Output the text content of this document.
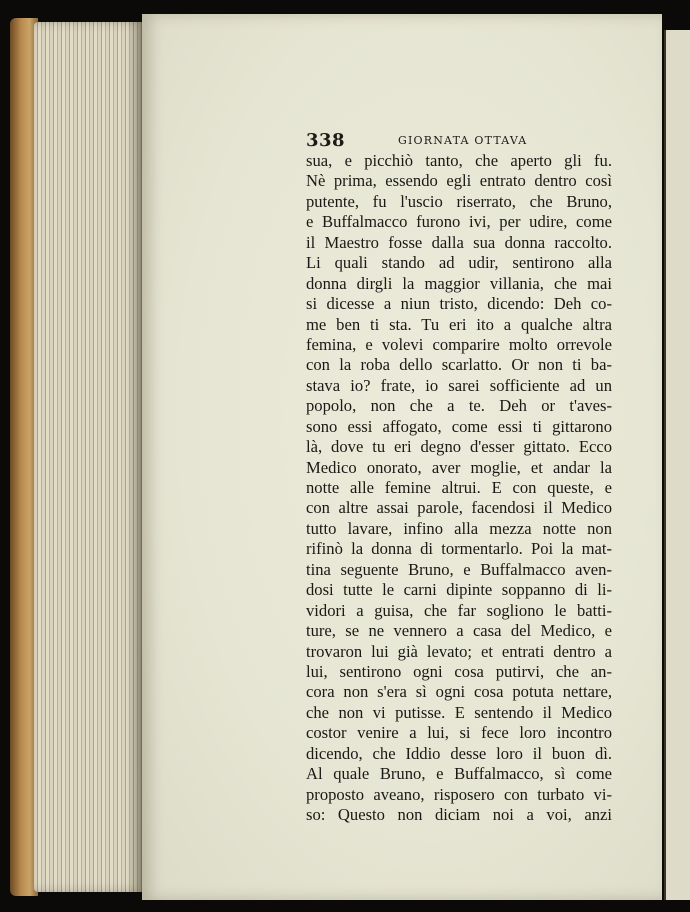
338	GIORNATA OTTAVA
sua, e picchiò tanto, che aperto gli fu.
Nè prima, essendo egli entrato dentro così
putente, fu l'uscio riserrato, che Bruno,
e Buffalmacco furono ivi, per udire, come
il Maestro fosse dalla sua donna raccolto.
Li quali stando ad udir, sentirono alla
donna dirgli la maggior villania, che mai
si dicesse a niun tristo, dicendo: Deh co-
me ben ti sta. Tu eri ito a qualche altra
femina, e volevi comparire molto orrevole
con la roba dello scarlatto. Or non ti ba-
stava io? frate, io sarei sofficiente ad un
popolo, non che a te. Deh or t'aves-
sono essi affogato, come essi ti gittarono
là, dove tu eri degno d'esser gittato. Ecco
Medico onorato, aver moglie, et andar la
notte alle femine altrui. E con queste, e
con altre assai parole, facendosi il Medico
tutto lavare, infino alla mezza notte non
rifinò la donna di tormentarlo. Poi la mat-
tina seguente Bruno, e Buffalmacco aven-
dosi tutte le carni dipinte soppanno di li-
vidori a guisa, che far sogliono le batti-
ture, se ne vennero a casa del Medico, e
trovaron lui già levato; et entrati dentro a
lui, sentirono ogni cosa putirvi, che an-
cora non s'era sì ogni cosa potuta nettare,
che non vi putisse. E sentendo il Medico
costor venire a lui, si fece loro incontro
dicendo, che Iddio desse loro il buon dì.
Al quale Bruno, e Buffalmacco, sì come
proposto aveano, risposero con turbato vi-
so: Questo non diciam noi a voi, anzi
